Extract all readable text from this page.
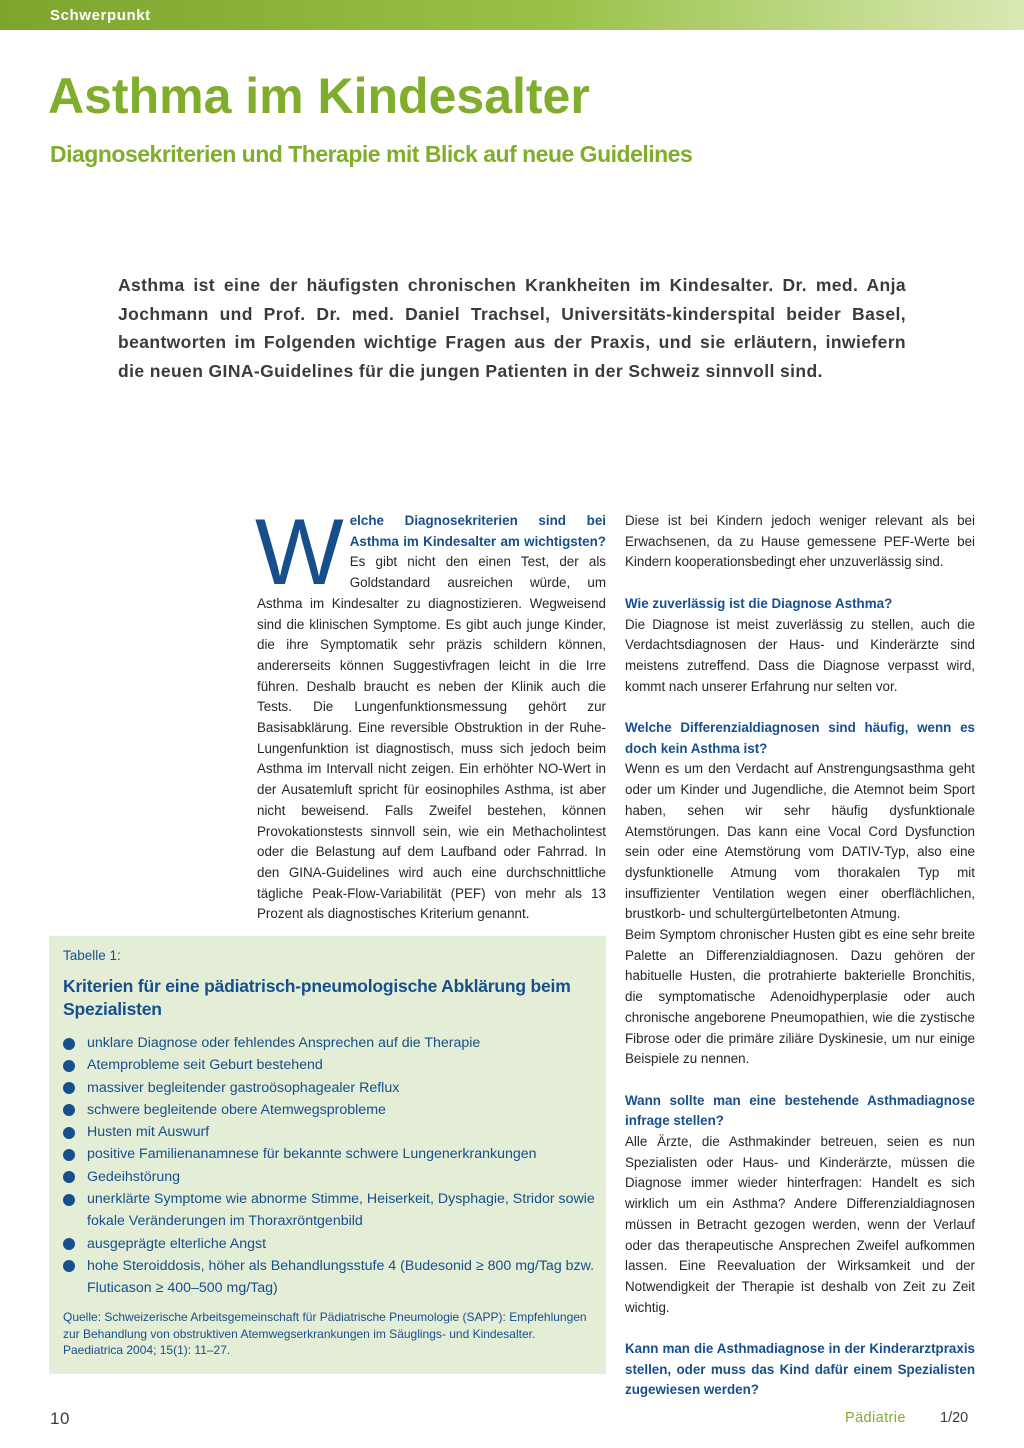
Schwerpunkt
Asthma im Kindesalter
Diagnosekriterien und Therapie mit Blick auf neue Guidelines

Asthma ist eine der häufigsten chronischen Krankheiten im Kindesalter. Dr. med. Anja Jochmann und Prof. Dr. med. Daniel Trachsel, Universitäts-kinderspital beider Basel, beantworten im Folgenden wichtige Fragen aus der Praxis, und sie erläutern, inwiefern die neuen GINA-Guidelines für die jungen Patienten in der Schweiz sinnvoll sind.

Welche Diagnosekriterien sind bei Asthma im Kindesalter am wichtigsten? Es gibt nicht den einen Test, der als Goldstandard ausreichen würde, um Asthma im Kindesalter zu diagnostizieren. Wegweisend sind die klinischen Symptome. Es gibt auch junge Kinder, die ihre Symptomatik sehr präzis schildern können, andererseits können Suggestivfragen leicht in die Irre führen. Deshalb braucht es neben der Klinik auch die Tests. Die Lungenfunktionsmessung gehört zur Basisabklärung. Eine reversible Obstruktion in der Ruhe-Lungenfunktion ist diagnostisch, muss sich jedoch beim Asthma im Intervall nicht zeigen. Ein erhöhter NO-Wert in der Ausatemluft spricht für eosinophiles Asthma, ist aber nicht beweisend. Falls Zweifel bestehen, können Provokationstests sinnvoll sein, wie ein Methacholintest oder die Belastung auf dem Laufband oder Fahrrad. In den GINA-Guidelines wird auch eine durchschnittliche tägliche Peak-Flow-Variabilität (PEF) von mehr als 13 Prozent als diagnostisches Kriterium genannt.

Diese ist bei Kindern jedoch weniger relevant als bei Erwachsenen, da zu Hause gemessene PEF-Werte bei Kindern kooperationsbedingt eher unzuverlässig sind.

Wie zuverlässig ist die Diagnose Asthma?

Die Diagnose ist meist zuverlässig zu stellen, auch die Verdachtsdiagnosen der Haus- und Kinderärzte sind meistens zutreffend. Dass die Diagnose verpasst wird, kommt nach unserer Erfahrung nur selten vor.

Welche Differenzialdiagnosen sind häufig, wenn es doch kein Asthma ist?

Wenn es um den Verdacht auf Anstrengungsasthma geht oder um Kinder und Jugendliche, die Atemnot beim Sport haben, sehen wir sehr häufig dysfunktionale Atemstörungen. Das kann eine Vocal Cord Dysfunction sein oder eine Atemstörung vom DATIV-Typ, also eine dysfunktionelle Atmung vom thorakalen Typ mit insuffizienter Ventilation wegen einer oberflächlichen, brustkorb- und schultergürtelbetonten Atmung.

Beim Symptom chronischer Husten gibt es eine sehr breite Palette an Differenzialdiagnosen. Dazu gehören der habituelle Husten, die protrahierte bakterielle Bronchitis, die symptomatische Adenoidhyperplasie oder auch chronische angeborene Pneumopathien, wie die zystische Fibrose oder die primäre ziliäre Dyskinesie, um nur einige Beispiele zu nennen.

Wann sollte man eine bestehende Asthmadiagnose infrage stellen?

Alle Ärzte, die Asthmakinder betreuen, seien es nun Spezialisten oder Haus- und Kinderärzte, müssen die Diagnose immer wieder hinterfragen: Handelt es sich wirklich um ein Asthma? Andere Differenzialdiagnosen müssen in Betracht gezogen werden, wenn der Verlauf oder das therapeutische Ansprechen Zweifel aufkommen lassen. Eine Reevaluation der Wirksamkeit und der Notwendigkeit der Therapie ist deshalb von Zeit zu Zeit wichtig.

Kann man die Asthmadiagnose in der Kinderarztpraxis stellen, oder muss das Kind dafür einem Spezialisten zugewiesen werden?

Tabelle 1:
Kriterien für eine pädiatrisch-pneumologische Abklärung beim Spezialisten
unklare Diagnose oder fehlendes Ansprechen auf die Therapie
Atemprobleme seit Geburt bestehend
massiver begleitender gastroösophagealer Reflux
schwere begleitende obere Atemwegsprobleme
Husten mit Auswurf
positive Familienanamnese für bekannte schwere Lungenerkrankungen
Gedeihstörung
unerklärte Symptome wie abnorme Stimme, Heiserkeit, Dysphagie, Stridor sowie fokale Veränderungen im Thoraxröntgenbild
ausgeprägte elterliche Angst
hohe Steroiddosis, höher als Behandlungsstufe 4 (Budesonid ≥ 800 mg/Tag bzw. Fluticason ≥ 400–500 mg/Tag)

Quelle: Schweizerische Arbeitsgemeinschaft für Pädiatrische Pneumologie (SAPP): Empfehlungen zur Behandlung von obstruktiven Atemwegserkrankungen im Säuglings- und Kindesalter. Paediatrica 2004; 15(1): 11–27.

10	Pädiatrie 1/20
